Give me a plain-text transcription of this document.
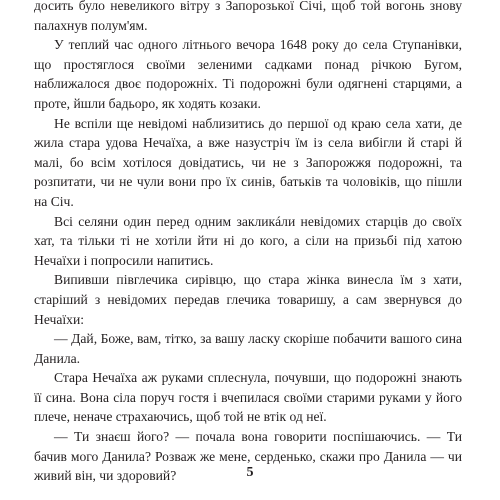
досить було невеликого вітру з Запорозької Січі, щоб той вогонь знову палахнув полум'ям.

У теплий час одного літнього вечора 1648 року до села Ступанівки, що простяглося своїми зеленими садками понад річкою Бугом, наближалося двоє подорожніх. Ті подорожні були одягнені старцями, а проте, йшли бадьоро, як ходять козаки.

Не вспіли ще невідомі наблизитись до першої од краю села хати, де жила стара удова Нечаїха, а вже назустріч їм із села вибігли й старі й малі, бо всім хотілося довідатись, чи не з Запорожжя подорожні, та розпитати, чи не чули вони про їх синів, батьків та чоловіків, що пішли на Січ.

Всі селяни один перед одним закликáли невідомих старців до своїх хат, та тільки ті не хотіли йти ні до кого, а сіли на призьбі під хатою Нечаїхи і попросили напитись.

Випивши півглечика сирівцю, що стара жінка винесла їм з хати, старіший з невідомих передав глечика товаришу, а сам звернувся до Нечаїхи:

— Дай, Боже, вам, тітко, за вашу ласку скоріше побачити вашого сина Данила.

Стара Нечаїха аж руками сплеснула, почувши, що подорожні знають її сина. Вона сіла поруч гостя і вчепилася своїми старими руками у його плече, неначе страхаючись, щоб той не втік од неї.

— Ти знаєш його? — почала вона говорити поспішаючись. — Ти бачив мого Данила? Розваж же мене, серденько, скажи про Данила — чи живий він, чи здоровий?	5
